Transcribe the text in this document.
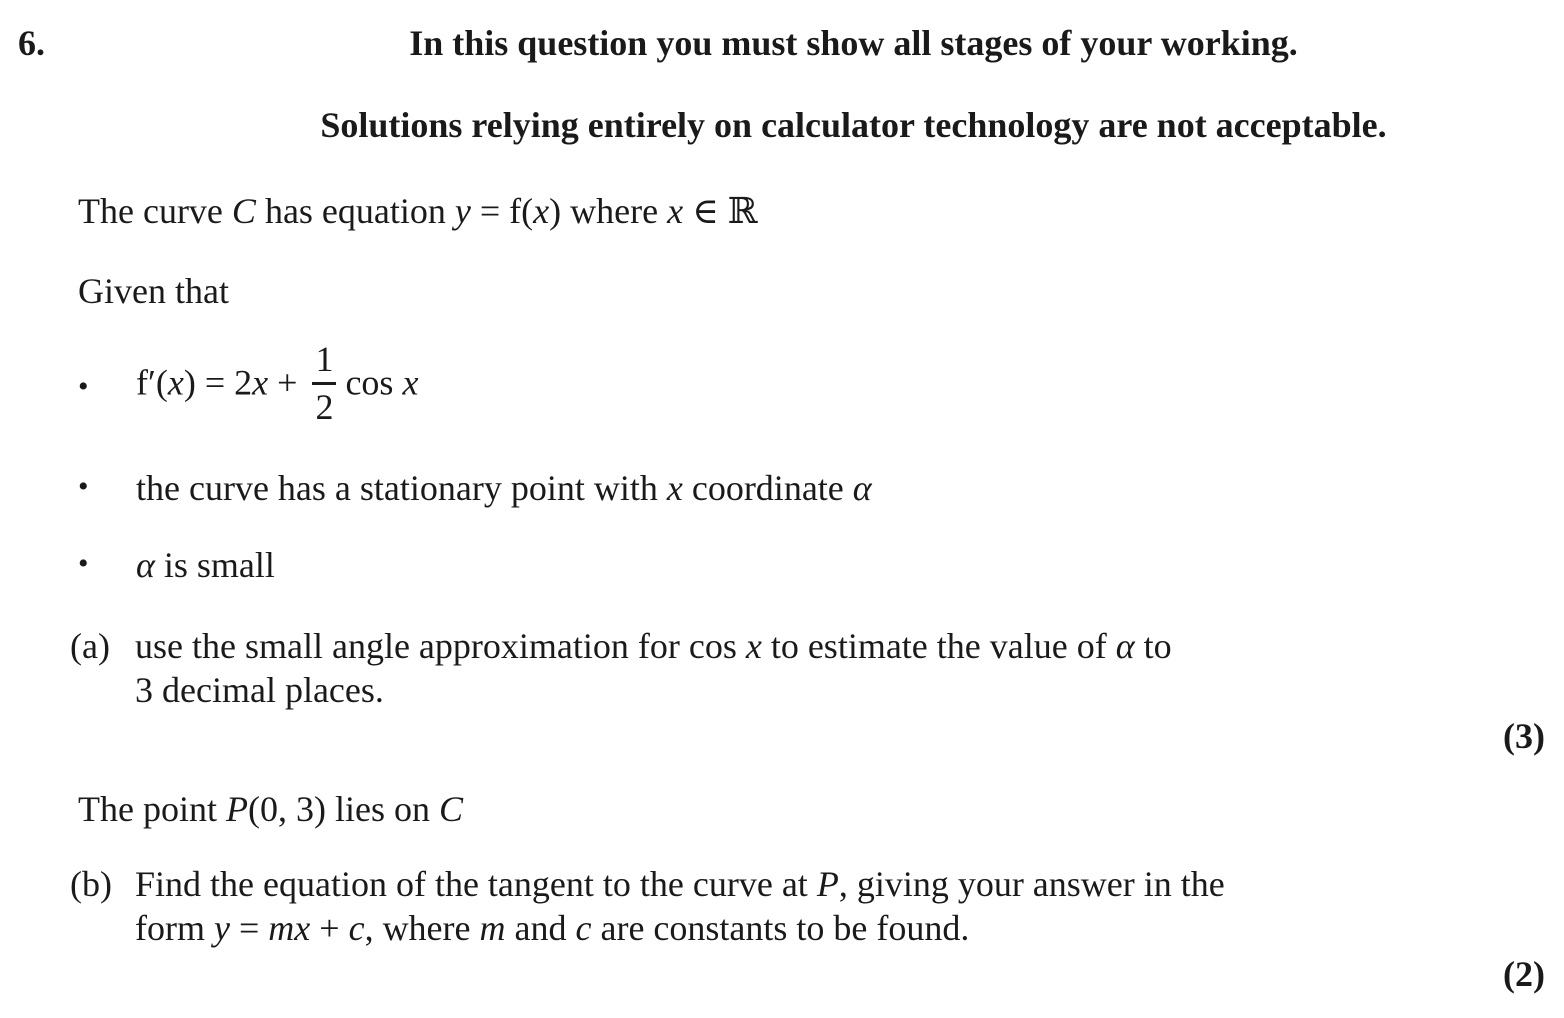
6.	In this question you must show all stages of your working.
Solutions relying entirely on calculator technology are not acceptable.

The curve C has equation y = f(x) where x ∈ ℝ

Given that

•	$f'(x) = 2x + \frac{1}{2}$ cos x
•	the curve has a stationary point with x coordinate α
•	α is small
(a) use the small angle approximation for cos x to estimate the value of α to
3 decimal places.
(3)

The point P(0, 3) lies on C

(b) Find the equation of the tangent to the curve at P, giving your answer in the
form y = mx + c, where m and c are constants to be found.
(2)
